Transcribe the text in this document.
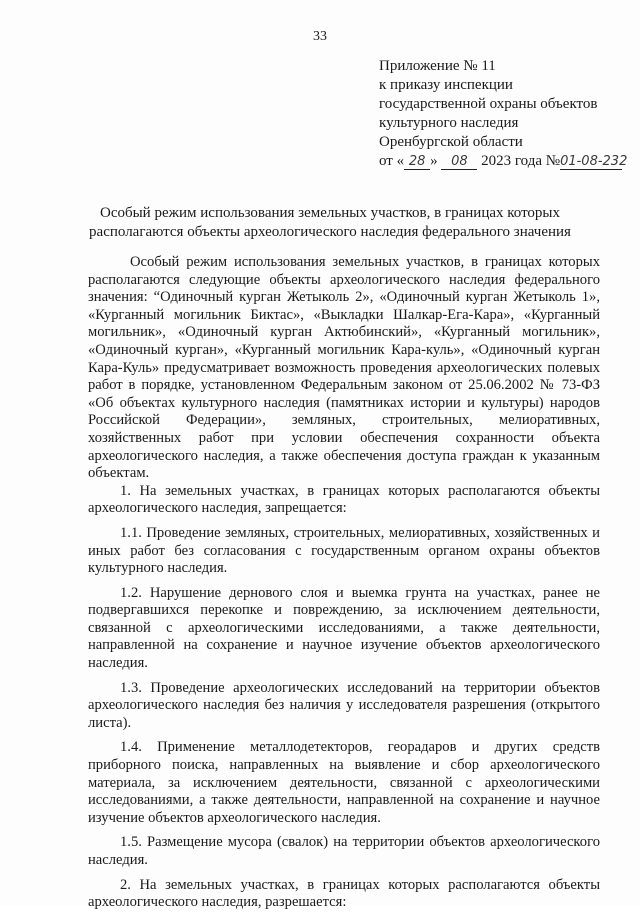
33
Приложение № 11
к приказу инспекции
государственной охраны объектов
культурного наследия
Оренбургской области
от « 28 » 08 2023 года №01-08-232
Особый режим использования земельных участков, в границах которых
располагаются объекты археологического наследия федерального значения

Особый режим использования земельных участков, в границах которых располагаются следующие объекты археологического наследия федерального значения: “Одиночный курган Жетыколь 2», «Одиночный курган Жетыколь 1», «Курганный могильник Биктас», «Выкладки Шалкар-Ега-Кара», «Курганный могильник», «Одиночный курган Актюбинский», «Курганный могильник», «Одиночный курган», «Курганный могильник Кара-куль», «Одиночный курган Кара-Куль» предусматривает возможность проведения археологических полевых работ в порядке, установленном Федеральным законом от 25.06.2002 № 73-ФЗ «Об объектах культурного наследия (памятниках истории и культуры) народов Российской Федерации», земляных, строительных, мелиоративных, хозяйственных работ при условии обеспечения сохранности объекта археологического наследия, а также обеспечения доступа граждан к указанным объектам.

1. На земельных участках, в границах которых располагаются объекты археологического наследия, запрещается:

1.1. Проведение земляных, строительных, мелиоративных, хозяйственных и иных работ без согласования с государственным органом охраны объектов культурного наследия.

1.2. Нарушение дернового слоя и выемка грунта на участках, ранее не подвергавшихся перекопке и повреждению, за исключением деятельности, связанной с археологическими исследованиями, а также деятельности, направленной на сохранение и научное изучение объектов археологического наследия.

1.3. Проведение археологических исследований на территории объектов археологического наследия без наличия у исследователя разрешения (открытого листа).

1.4. Применение металлодетекторов, георадаров и других средств приборного поиска, направленных на выявление и сбор археологического материала, за исключением деятельности, связанной с археологическими исследованиями, а также деятельности, направленной на сохранение и научное изучение объектов археологического наследия.

1.5. Размещение мусора (свалок) на территории объектов археологического наследия.

2. На земельных участках, в границах которых располагаются объекты археологического наследия, разрешается:
